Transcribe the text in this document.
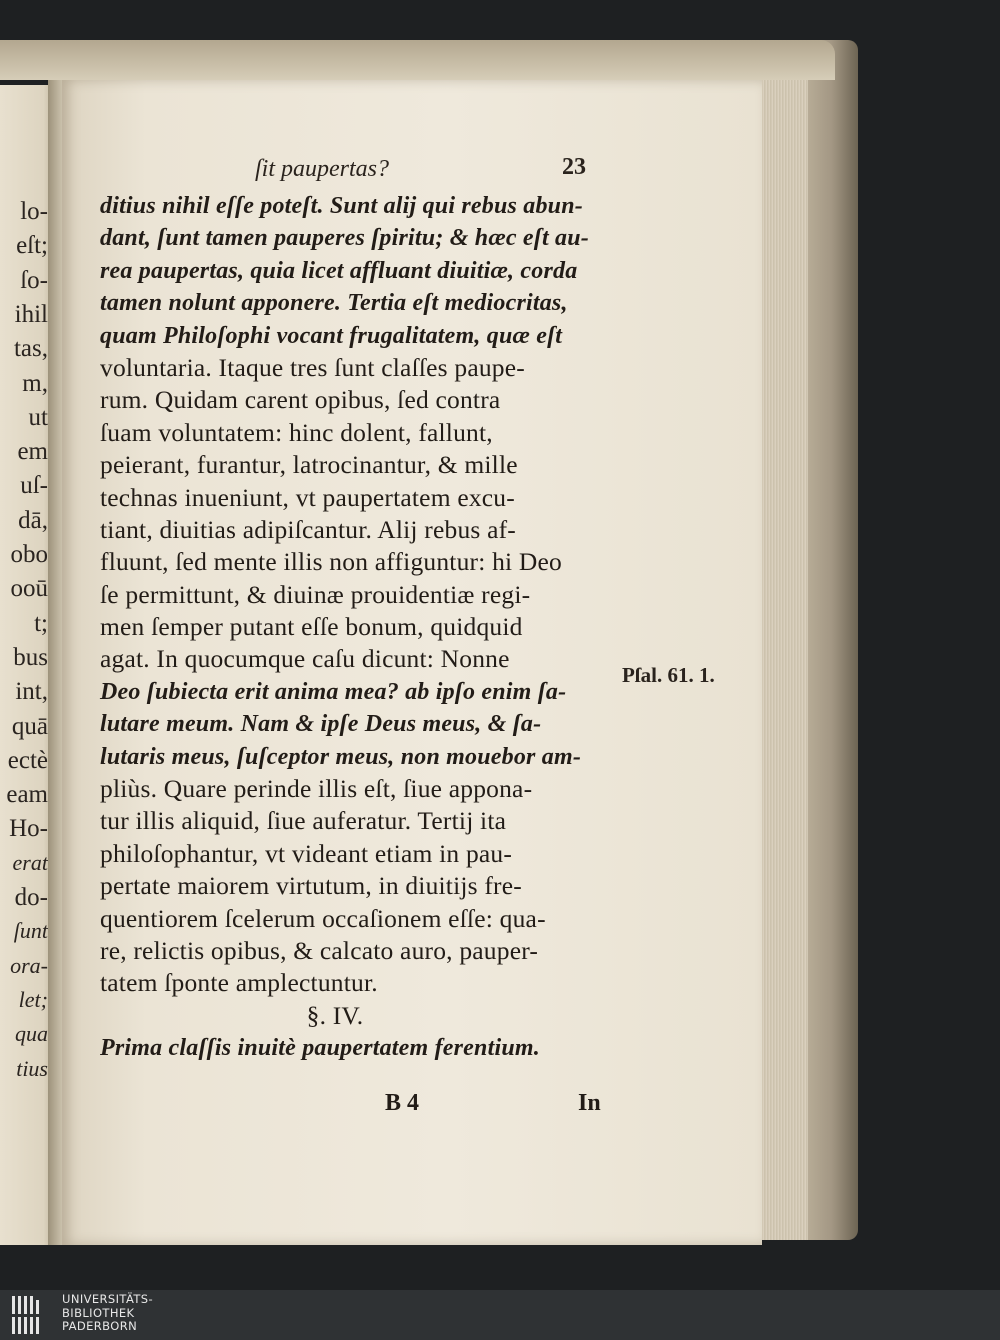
lo-
eſt;
ſo-
ihil
tas,
m,
ut
em
uſ-
dā,
obo
ooū
t;
bus
int,
quā
ectè
eam
Ho-
erat
do-
ſunt
ora-
let;
qua
tius
ſit paupertas?	23
ditius nihil eſſe poteſt. Sunt alij qui rebus abun-
dant, ſunt tamen pauperes ſpiritu; & hæc eſt au-
rea paupertas, quia licet affluant diuitiæ, corda
tamen nolunt apponere. Tertia eſt mediocritas,
quam Philoſophi vocant frugalitatem, quæ eſt
voluntaria. Itaque tres ſunt claſſes paupe-
rum. Quidam carent opibus, ſed contra
ſuam voluntatem: hinc dolent, fallunt,
peierant, furantur, latrocinantur, & mille
technas inueniunt, vt paupertatem excu-
tiant, diuitias adipiſcantur. Alij rebus af-
fluunt, ſed mente illis non affiguntur: hi Deo
ſe permittunt, & diuinæ prouidentiæ regi-
men ſemper putant eſſe bonum, quidquid
agat. In quocumque caſu dicunt: Nonne
Deo ſubiecta erit anima mea? ab ipſo enim ſa-
lutare meum. Nam & ipſe Deus meus, & ſa-
lutaris meus, ſuſceptor meus, non mouebor am-
pliùs. Quare perinde illis eſt, ſiue appona-
tur illis aliquid, ſiue auferatur. Tertij ita
philoſophantur, vt videant etiam in pau-
pertate maiorem virtutum, in diuitijs fre-
quentiorem ſcelerum occaſionem eſſe: qua-
re, relictis opibus, & calcato auro, pauper-
tatem ſponte amplectuntur.
§. IV.
Prima claſſis inuitè paupertatem ferentium.
B 4	In
Pſal. 61. 1.
UNIVERSITÄTS-
BIBLIOTHEK
PADERBORN
